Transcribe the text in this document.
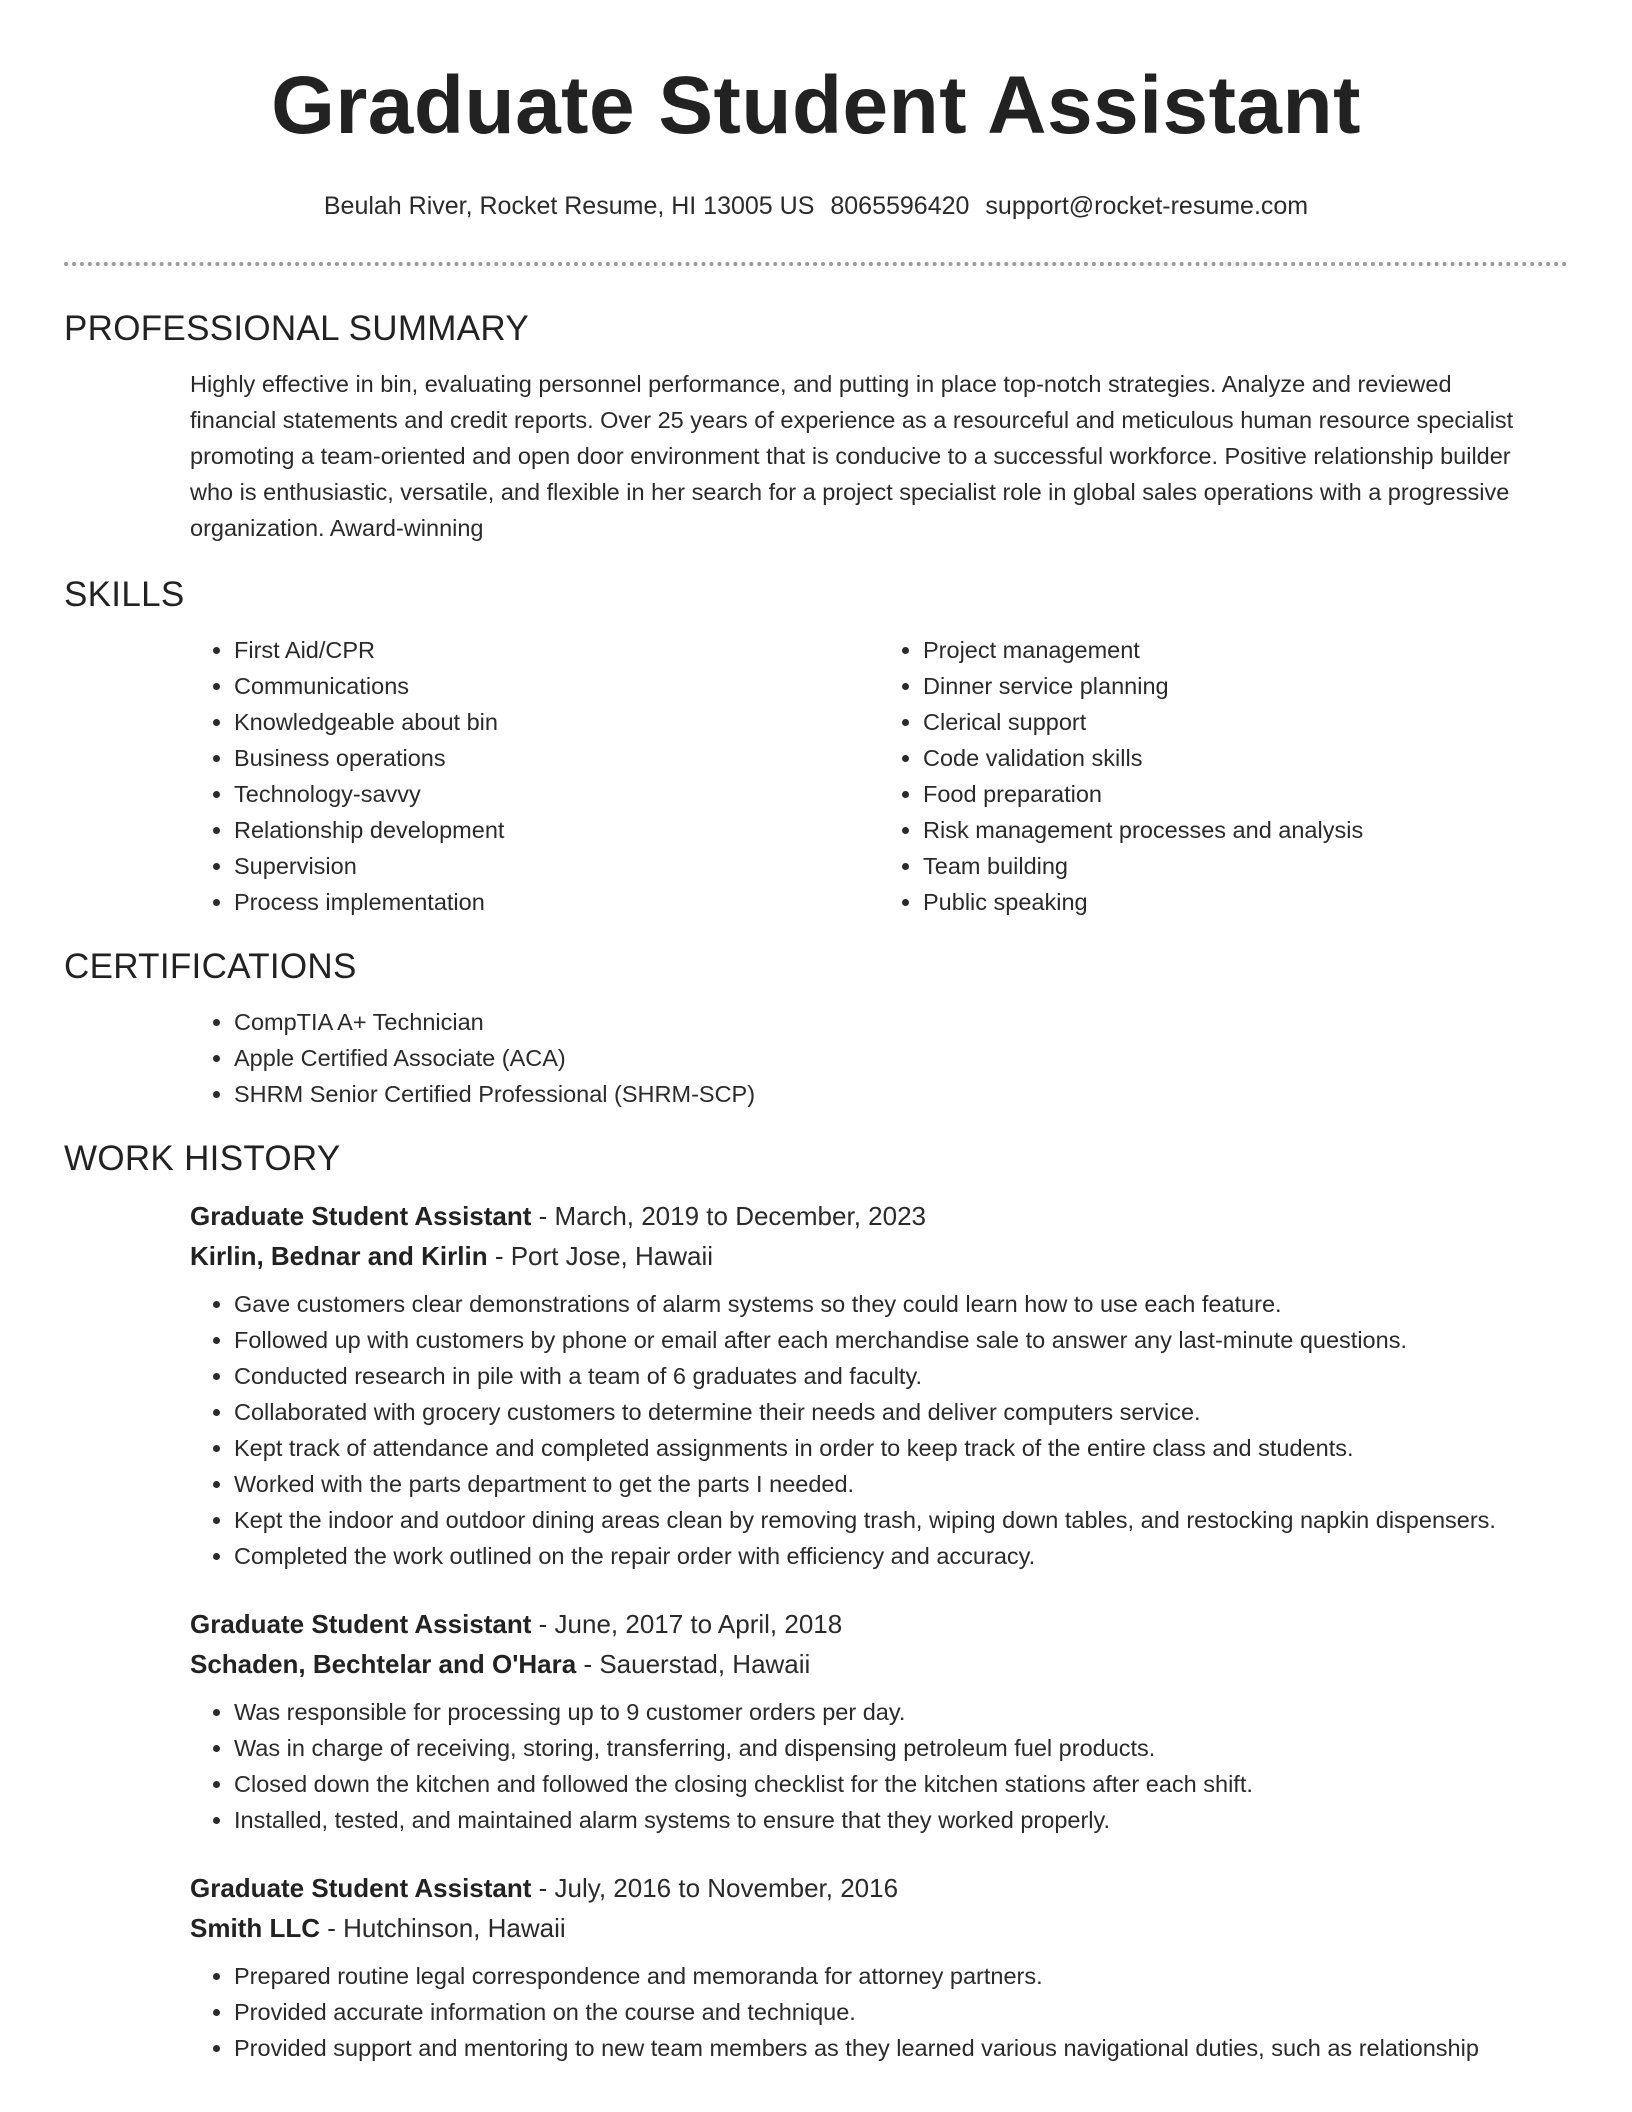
Graduate Student Assistant
Beulah River, Rocket Resume, HI 13005 US 8065596420 support@rocket-resume.com
PROFESSIONAL SUMMARY

Highly effective in bin, evaluating personnel performance, and putting in place top-notch strategies. Analyze and reviewed financial statements and credit reports. Over 25 years of experience as a resourceful and meticulous human resource specialist promoting a team-oriented and open door environment that is conducive to a successful workforce. Positive relationship builder who is enthusiastic, versatile, and flexible in her search for a project specialist role in global sales operations with a progressive organization. Award-winning

SKILLS
• First Aid/CPR
• Communications
• Knowledgeable about bin
• Business operations
• Technology-savvy
• Relationship development
• Supervision
• Process implementation
• Project management
• Dinner service planning
• Clerical support
• Code validation skills
• Food preparation
• Risk management processes and analysis
• Team building
• Public speaking
CERTIFICATIONS
• CompTIA A+ Technician
• Apple Certified Associate (ACA)
• SHRM Senior Certified Professional (SHRM-SCP)
WORK HISTORY
Graduate Student Assistant - March, 2019 to December, 2023
Kirlin, Bednar and Kirlin - Port Jose, Hawaii
• Gave customers clear demonstrations of alarm systems so they could learn how to use each feature.
• Followed up with customers by phone or email after each merchandise sale to answer any last-minute questions.
• Conducted research in pile with a team of 6 graduates and faculty.
• Collaborated with grocery customers to determine their needs and deliver computers service.
• Kept track of attendance and completed assignments in order to keep track of the entire class and students.
• Worked with the parts department to get the parts I needed.
• Kept the indoor and outdoor dining areas clean by removing trash, wiping down tables, and restocking napkin dispensers.
• Completed the work outlined on the repair order with efficiency and accuracy.
Graduate Student Assistant - June, 2017 to April, 2018
Schaden, Bechtelar and O'Hara - Sauerstad, Hawaii
• Was responsible for processing up to 9 customer orders per day.
• Was in charge of receiving, storing, transferring, and dispensing petroleum fuel products.
• Closed down the kitchen and followed the closing checklist for the kitchen stations after each shift.
• Installed, tested, and maintained alarm systems to ensure that they worked properly.
Graduate Student Assistant - July, 2016 to November, 2016
Smith LLC - Hutchinson, Hawaii
• Prepared routine legal correspondence and memoranda for attorney partners.
• Provided accurate information on the course and technique.
• Provided support and mentoring to new team members as they learned various navigational duties, such as relationship
